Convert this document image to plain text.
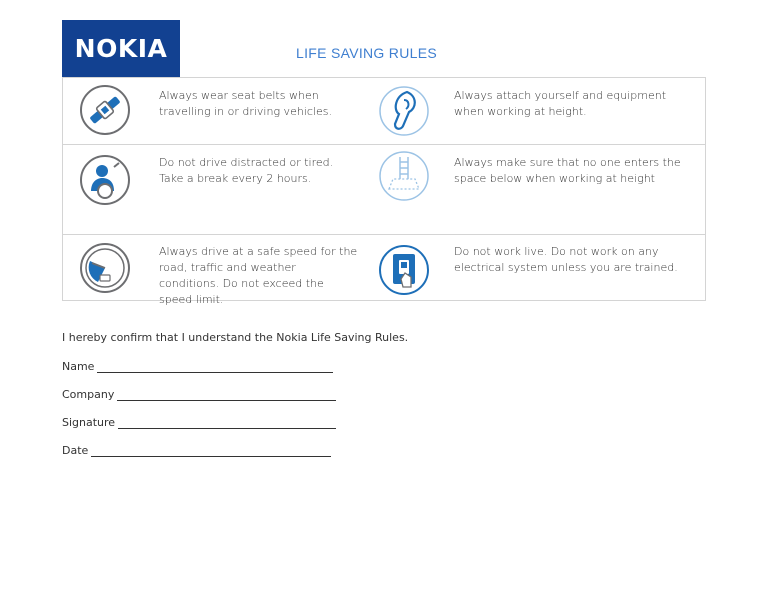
NOKIA	LIFE SAVING RULES
Always wear seat belts when travelling in or driving vehicles.
Always attach yourself and equipment when working at height.
Do not drive distracted or tired. Take a break every 2 hours.
Always make sure that no one enters the space below when working at height
Always drive at a safe speed for the road, traffic and weather conditions. Do not exceed the speed limit.
Do not work live. Do not work on any electrical system unless you are trained.
I hereby confirm that I understand the Nokia Life Saving Rules.
Name
Company
Signature
Date
